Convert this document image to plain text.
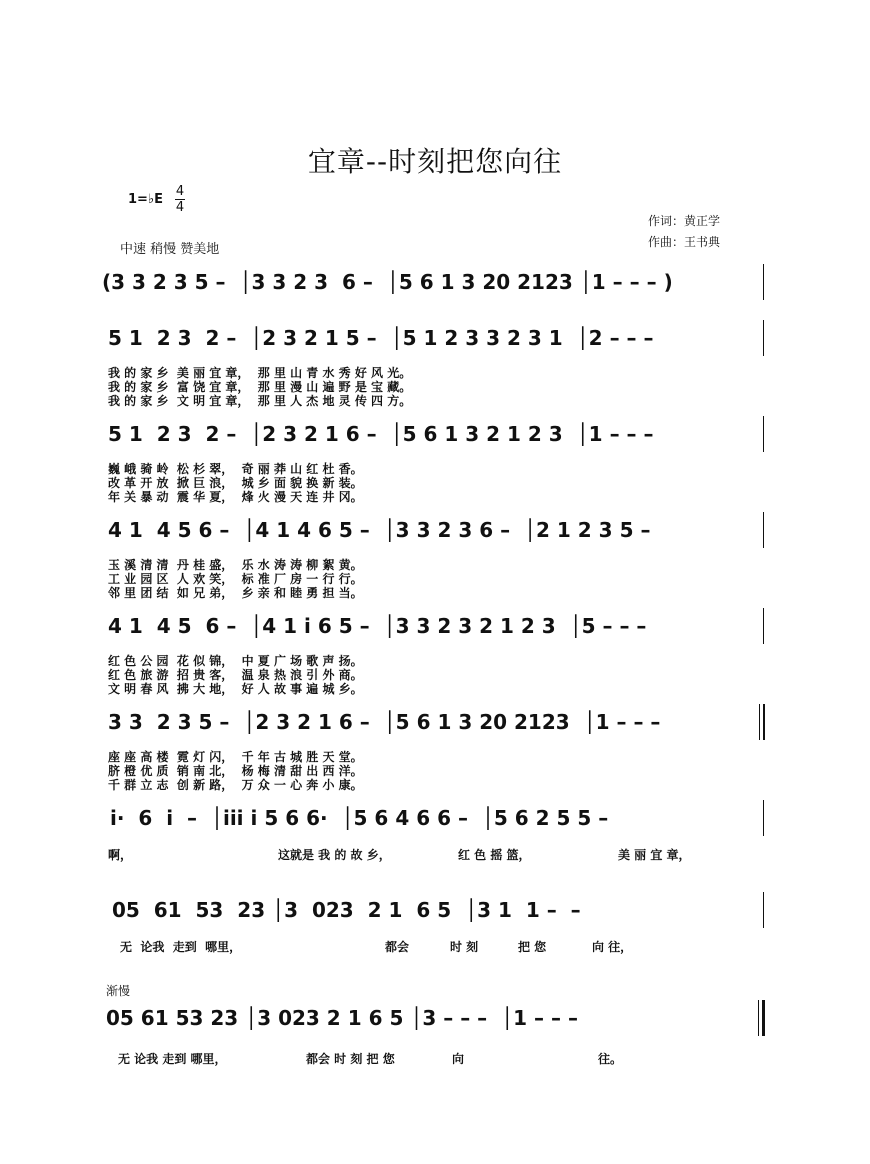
宜章--时刻把您向往
1=♭E
4
4
作词：黄正学
作曲：王书典
中速 稍慢 赞美地
(3 3 2 3 5 –  │3 3 2 3  6 –  │5 6 1 3 20 2123 │1 – – – )
5 1  2 3  2 –  │2 3 2 1 5 –  │5 1 2 3 3 2 3 1  │2 – – –
我 的 家 乡  美 丽 宜 章，  那 里 山 青 水 秀 好 风 光。
我 的 家 乡  富 饶 宜 章，  那 里 漫 山 遍 野 是 宝 藏。
我 的 家 乡  文 明 宜 章，  那 里 人 杰 地 灵 传 四 方。
5 1  2 3  2 –  │2 3 2 1 6 –  │5 6 1 3 2 1 2 3  │1 – – –
巍 峨 骑 岭  松 杉 翠，  奇 丽 莽 山 红 杜 香。
改 革 开 放  掀 巨 浪，  城 乡 面 貌 换 新 装。
年 关 暴 动  震 华 夏，  烽 火 漫 天 连 井 冈。
4 1  4 5 6 –  │4 1 4 6 5 –  │3 3 2 3 6 –  │2 1 2 3 5 –
玉 溪 清 清  丹 桂 盛，  乐 水 涛 涛 柳 絮 黄。
工 业 园 区  人 欢 笑，  标 准 厂 房 一 行 行。
邻 里 团 结  如 兄 弟，  乡 亲 和 睦 勇 担 当。
4 1  4 5  6 –  │4 1 i 6 5 –  │3 3 2 3 2 1 2 3  │5 – – –
红 色 公 园  花 似 锦，  中 夏 广 场 歌 声 扬。
红 色 旅 游  招 贵 客，  温 泉 热 浪 引 外 商。
文 明 春 风  拂 大 地，  好 人 故 事 遍 城 乡。
3 3  2 3 5 –  │2 3 2 1 6 –  │5 6 1 3 20 2123  │1 – – –
座 座 高 楼  霓 灯 闪，  千 年 古 城 胜 天 堂。
脐 橙 优 质  销 南 北，  杨 梅 清 甜 出 西 洋。
千 群 立 志  创 新 路，  万 众 一 心 奔 小 康。
i·  6  i  –  │iii i 5 6 6·  │5 6 4 6 6 –  │5 6 2 5 5 –
啊，	这就是 我 的 故 乡，	红 色 摇 篮，	美 丽 宜 章，
05  61  53  23 │3  023  2 1  6 5  │3 1  1 –  –
无  论我  走到  哪里，	都会	时 刻	把 您	向 往，
渐慢
05 61 53 23 │3 023 2 1 6 5 │3 – – –  │1 – – –
无 论我 走到 哪里，	都会 时 刻 把 您	向	往。
